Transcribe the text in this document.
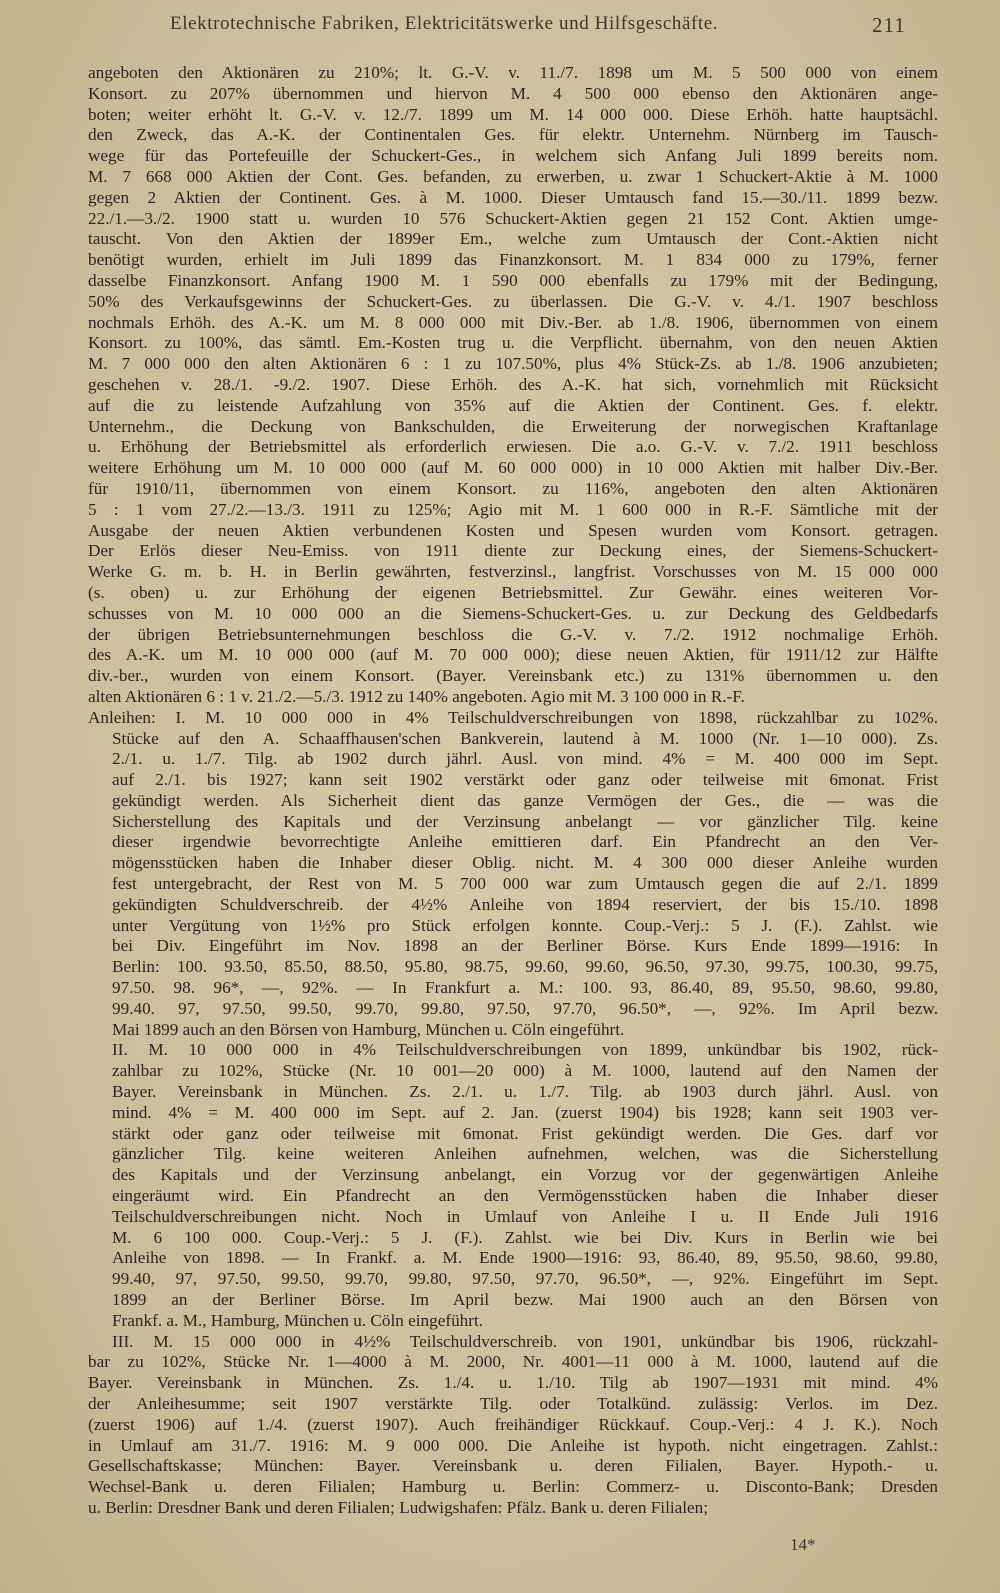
Elektrotechnische Fabriken, Elektricitätswerke und Hilfsgeschäfte.	211
angeboten den Aktionären zu 210%; lt. G.-V. v. 11./7. 1898 um M. 5 500 000 von einem
Konsort. zu 207% übernommen und hiervon M. 4 500 000 ebenso den Aktionären ange-
boten; weiter erhöht lt. G.-V. v. 12./7. 1899 um M. 14 000 000. Diese Erhöh. hatte hauptsächl.
den Zweck, das A.-K. der Continentalen Ges. für elektr. Unternehm. Nürnberg im Tausch-
wege für das Portefeuille der Schuckert-Ges., in welchem sich Anfang Juli 1899 bereits nom.
M. 7 668 000 Aktien der Cont. Ges. befanden, zu erwerben, u. zwar 1 Schuckert-Aktie à M. 1000
gegen 2 Aktien der Continent. Ges. à M. 1000. Dieser Umtausch fand 15.—30./11. 1899 bezw.
22./1.—3./2. 1900 statt u. wurden 10 576 Schuckert-Aktien gegen 21 152 Cont. Aktien umge-
tauscht. Von den Aktien der 1899er Em., welche zum Umtausch der Cont.-Aktien nicht
benötigt wurden, erhielt im Juli 1899 das Finanzkonsort. M. 1 834 000 zu 179%, ferner
dasselbe Finanzkonsort. Anfang 1900 M. 1 590 000 ebenfalls zu 179% mit der Bedingung,
50% des Verkaufsgewinns der Schuckert-Ges. zu überlassen. Die G.-V. v. 4./1. 1907 beschloss
nochmals Erhöh. des A.-K. um M. 8 000 000 mit Div.-Ber. ab 1./8. 1906, übernommen von einem
Konsort. zu 100%, das sämtl. Em.-Kosten trug u. die Verpflicht. übernahm, von den neuen Aktien
M. 7 000 000 den alten Aktionären 6 : 1 zu 107.50%, plus 4% Stück-Zs. ab 1./8. 1906 anzubieten;
geschehen v. 28./1. -9./2. 1907. Diese Erhöh. des A.-K. hat sich, vornehmlich mit Rücksicht
auf die zu leistende Aufzahlung von 35% auf die Aktien der Continent. Ges. f. elektr.
Unternehm., die Deckung von Bankschulden, die Erweiterung der norwegischen Kraftanlage
u. Erhöhung der Betriebsmittel als erforderlich erwiesen. Die a.o. G.-V. v. 7./2. 1911 beschloss
weitere Erhöhung um M. 10 000 000 (auf M. 60 000 000) in 10 000 Aktien mit halber Div.-Ber.
für 1910/11, übernommen von einem Konsort. zu 116%, angeboten den alten Aktionären
5 : 1 vom 27./2.—13./3. 1911 zu 125%; Agio mit M. 1 600 000 in R.-F. Sämtliche mit der
Ausgabe der neuen Aktien verbundenen Kosten und Spesen wurden vom Konsort. getragen.
Der Erlös dieser Neu-Emiss. von 1911 diente zur Deckung eines, der Siemens-Schuckert-
Werke G. m. b. H. in Berlin gewährten, festverzinsl., langfrist. Vorschusses von M. 15 000 000
(s. oben) u. zur Erhöhung der eigenen Betriebsmittel. Zur Gewähr. eines weiteren Vor-
schusses von M. 10 000 000 an die Siemens-Schuckert-Ges. u. zur Deckung des Geldbedarfs
der übrigen Betriebsunternehmungen beschloss die G.-V. v. 7./2. 1912 nochmalige Erhöh.
des A.-K. um M. 10 000 000 (auf M. 70 000 000); diese neuen Aktien, für 1911/12 zur Hälfte
div.-ber., wurden von einem Konsort. (Bayer. Vereinsbank etc.) zu 131% übernommen u. den
alten Aktionären 6 : 1 v. 21./2.—5./3. 1912 zu 140% angeboten. Agio mit M. 3 100 000 in R.-F.
Anleihen: I. M. 10 000 000 in 4% Teilschuldverschreibungen von 1898, rückzahlbar zu 102%.
Stücke auf den A. Schaaffhausen'schen Bankverein, lautend à M. 1000 (Nr. 1—10 000). Zs.
2./1. u. 1./7. Tilg. ab 1902 durch jährl. Ausl. von mind. 4% = M. 400 000 im Sept.
auf 2./1. bis 1927; kann seit 1902 verstärkt oder ganz oder teilweise mit 6monat. Frist
gekündigt werden. Als Sicherheit dient das ganze Vermögen der Ges., die — was die
Sicherstellung des Kapitals und der Verzinsung anbelangt — vor gänzlicher Tilg. keine
dieser irgendwie bevorrechtigte Anleihe emittieren darf. Ein Pfandrecht an den Ver-
mögensstücken haben die Inhaber dieser Oblig. nicht. M. 4 300 000 dieser Anleihe wurden
fest untergebracht, der Rest von M. 5 700 000 war zum Umtausch gegen die auf 2./1. 1899
gekündigten Schuldverschreib. der 4½% Anleihe von 1894 reserviert, der bis 15./10. 1898
unter Vergütung von 1½% pro Stück erfolgen konnte. Coup.-Verj.: 5 J. (F.). Zahlst. wie
bei Div. Eingeführt im Nov. 1898 an der Berliner Börse. Kurs Ende 1899—1916: In
Berlin: 100. 93.50, 85.50, 88.50, 95.80, 98.75, 99.60, 99.60, 96.50, 97.30, 99.75, 100.30, 99.75,
97.50. 98. 96*, —, 92%. — In Frankfurt a. M.: 100. 93, 86.40, 89, 95.50, 98.60, 99.80,
99.40. 97, 97.50, 99.50, 99.70, 99.80, 97.50, 97.70, 96.50*, —, 92%. Im April bezw.
Mai 1899 auch an den Börsen von Hamburg, München u. Cöln eingeführt.
II. M. 10 000 000 in 4% Teilschuldverschreibungen von 1899, unkündbar bis 1902, rück-
zahlbar zu 102%, Stücke (Nr. 10 001—20 000) à M. 1000, lautend auf den Namen der
Bayer. Vereinsbank in München. Zs. 2./1. u. 1./7. Tilg. ab 1903 durch jährl. Ausl. von
mind. 4% = M. 400 000 im Sept. auf 2. Jan. (zuerst 1904) bis 1928; kann seit 1903 ver-
stärkt oder ganz oder teilweise mit 6monat. Frist gekündigt werden. Die Ges. darf vor
gänzlicher Tilg. keine weiteren Anleihen aufnehmen, welchen, was die Sicherstellung
des Kapitals und der Verzinsung anbelangt, ein Vorzug vor der gegenwärtigen Anleihe
eingeräumt wird. Ein Pfandrecht an den Vermögensstücken haben die Inhaber dieser
Teilschuldverschreibungen nicht. Noch in Umlauf von Anleihe I u. II Ende Juli 1916
M. 6 100 000. Coup.-Verj.: 5 J. (F.). Zahlst. wie bei Div. Kurs in Berlin wie bei
Anleihe von 1898. — In Frankf. a. M. Ende 1900—1916: 93, 86.40, 89, 95.50, 98.60, 99.80,
99.40, 97, 97.50, 99.50, 99.70, 99.80, 97.50, 97.70, 96.50*, —, 92%. Eingeführt im Sept.
1899 an der Berliner Börse. Im April bezw. Mai 1900 auch an den Börsen von
Frankf. a. M., Hamburg, München u. Cöln eingeführt.
III. M. 15 000 000 in 4½% Teilschuldverschreib. von 1901, unkündbar bis 1906, rückzahl-
bar zu 102%, Stücke Nr. 1—4000 à M. 2000, Nr. 4001—11 000 à M. 1000, lautend auf die
Bayer. Vereinsbank in München. Zs. 1./4. u. 1./10. Tilg ab 1907—1931 mit mind. 4%
der Anleihesumme; seit 1907 verstärkte Tilg. oder Totalkünd. zulässig: Verlos. im Dez.
(zuerst 1906) auf 1./4. (zuerst 1907). Auch freihändiger Rückkauf. Coup.-Verj.: 4 J. K.). Noch
in Umlauf am 31./7. 1916: M. 9 000 000. Die Anleihe ist hypoth. nicht eingetragen. Zahlst.:
Gesellschaftskasse; München: Bayer. Vereinsbank u. deren Filialen, Bayer. Hypoth.- u.
Wechsel-Bank u. deren Filialen; Hamburg u. Berlin: Commerz- u. Disconto-Bank; Dresden
u. Berlin: Dresdner Bank und deren Filialen; Ludwigshafen: Pfälz. Bank u. deren Filialen;
14*
